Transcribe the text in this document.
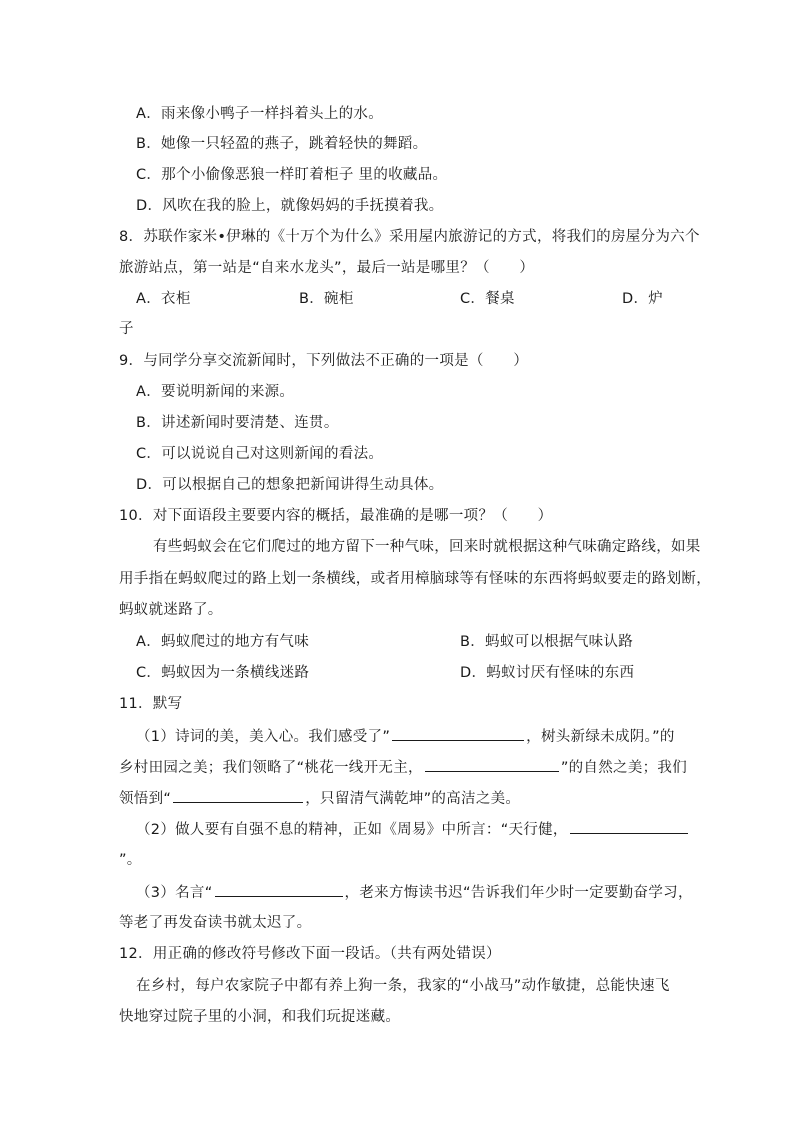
A．雨来像小鸭子一样抖着头上的水。
B．她像一只轻盈的燕子，跳着轻快的舞蹈。
C．那个小偷像恶狼一样盯着柜子 里的收藏品。
D．风吹在我的脸上，就像妈妈的手抚摸着我。
8．苏联作家米•伊琳的《十万个为什么》采用屋内旅游记的方式，将我们的房屋分为六个
旅游站点，第一站是“自来水龙头”，最后一站是哪里？（　　）
A．衣柜	B．碗柜	C．餐桌	D．炉
子
9．与同学分享交流新闻时，下列做法不正确的一项是（　　）
A．要说明新闻的来源。
B．讲述新闻时要清楚、连贯。
C．可以说说自己对这则新闻的看法。
D．可以根据自己的想象把新闻讲得生动具体。
10．对下面语段主要要内容的概括，最准确的是哪一项？（　　）
有些蚂蚁会在它们爬过的地方留下一种气味，回来时就根据这种气味确定路线，如果
用手指在蚂蚁爬过的路上划一条横线，或者用樟脑球等有怪味的东西将蚂蚁要走的路划断，
蚂蚁就迷路了。
A．蚂蚁爬过的地方有气味	B．蚂蚁可以根据气味认路
C．蚂蚁因为一条横线迷路	D．蚂蚁讨厌有怪味的东西
11．默写
（1）诗词的美，美入心。我们感受了”	，树头新绿未成阴。”的
乡村田园之美；我们领略了“桃花一线开无主，	”的自然之美；我们
领悟到“	，只留清气满乾坤”的高洁之美。
（2）做人要有自强不息的精神，正如《周易》中所言：“天行健，
”。
（3）名言“	，老来方悔读书迟“告诉我们年少时一定要勤奋学习，
等老了再发奋读书就太迟了。
12．用正确的修改符号修改下面一段话。（共有两处错误）
在乡村，每户农家院子中都有养上狗一条，我家的“小战马”动作敏捷，总能快速飞
快地穿过院子里的小洞，和我们玩捉迷藏。
